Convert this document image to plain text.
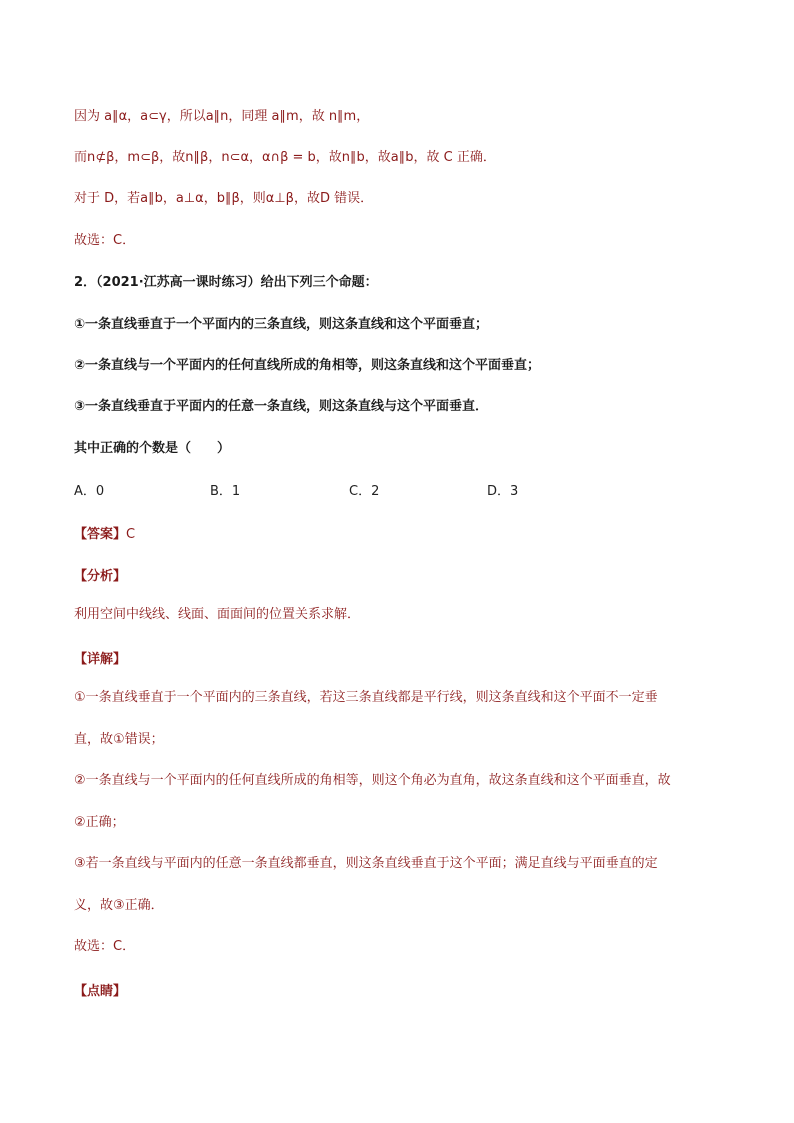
因为 a∥α，a⊂γ，所以a∥n，同理 a∥m，故 n∥m，
而n⊄β，m⊂β，故n∥β，n⊂α，α∩β = b，故n∥b，故a∥b，故 C 正确．
对于 D，若a∥b，a⊥α，b∥β，则α⊥β，故D 错误．
故选：C．
2．（2021·江苏高一课时练习）给出下列三个命题：
①一条直线垂直于一个平面内的三条直线，则这条直线和这个平面垂直；
②一条直线与一个平面内的任何直线所成的角相等，则这条直线和这个平面垂直；
③一条直线垂直于平面内的任意一条直线，则这条直线与这个平面垂直．
其中正确的个数是（　　）
A．0	B．1	C．2	D．3
【答案】C
【分析】
利用空间中线线、线面、面面间的位置关系求解．
【详解】
①一条直线垂直于一个平面内的三条直线，若这三条直线都是平行线，则这条直线和这个平面不一定垂
直，故①错误；
②一条直线与一个平面内的任何直线所成的角相等，则这个角必为直角，故这条直线和这个平面垂直，故
②正确；
③若一条直线与平面内的任意一条直线都垂直，则这条直线垂直于这个平面；满足直线与平面垂直的定
义，故③正确．
故选：C．
【点睛】
